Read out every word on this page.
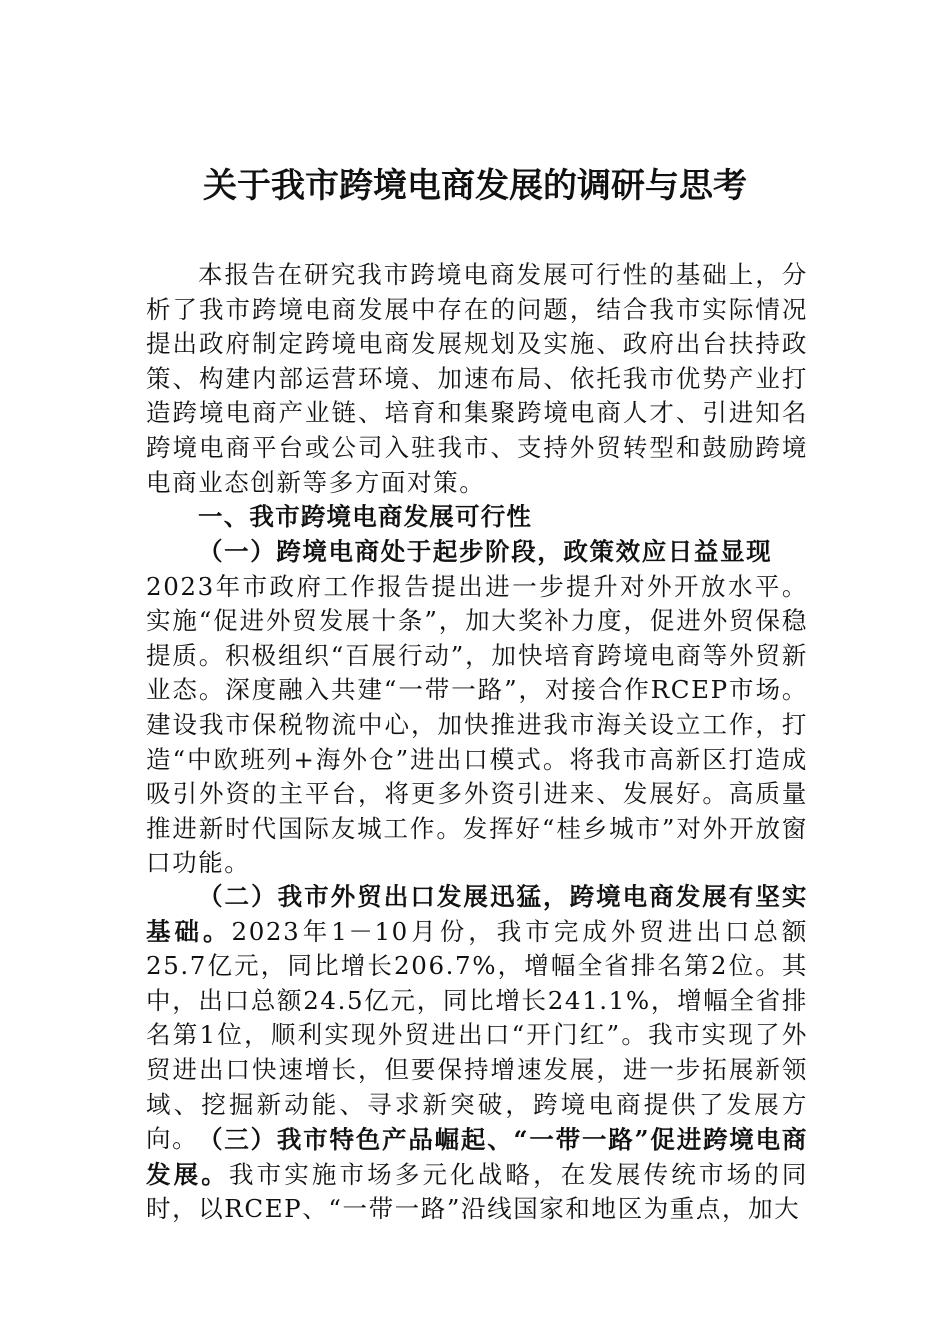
关于我市跨境电商发展的调研与思考

本报告在研究我市跨境电商发展可行性的基础上，分析了我市跨境电商发展中存在的问题，结合我市实际情况提出政府制定跨境电商发展规划及实施、政府出台扶持政策、构建内部运营环境、加速布局、依托我市优势产业打造跨境电商产业链、培育和集聚跨境电商人才、引进知名跨境电商平台或公司入驻我市、支持外贸转型和鼓励跨境电商业态创新等多方面对策。

一、我市跨境电商发展可行性

（一）跨境电商处于起步阶段，政策效应日益显现
2023年市政府工作报告提出进一步提升对外开放水平。实施“促进外贸发展十条”，加大奖补力度，促进外贸保稳提质。积极组织“百展行动”，加快培育跨境电商等外贸新业态。深度融入共建“一带一路”，对接合作RCEP市场。建设我市保税物流中心，加快推进我市海关设立工作，打造“中欧班列+海外仓”进出口模式。将我市高新区打造成吸引外资的主平台，将更多外资引进来、发展好。高质量推进新时代国际友城工作。发挥好“桂乡城市”对外开放窗口功能。

（二）我市外贸出口发展迅猛，跨境电商发展有坚实基础。2023年1－10月份，我市完成外贸进出口总额25.7亿元，同比增长206.7%，增幅全省排名第2位。其中，出口总额24.5亿元，同比增长241.1%，增幅全省排名第1位，顺利实现外贸进出口“开门红”。我市实现了外贸进出口快速增长，但要保持增速发展，进一步拓展新领域、挖掘新动能、寻求新突破，跨境电商提供了发展方向。 （三）我市特色产品崛起、“一带一路”促进跨境电商发展。我市实施市场多元化战略，在发展传统市场的同时，以RCEP、“一带一路”沿线国家和地区为重点，加大
